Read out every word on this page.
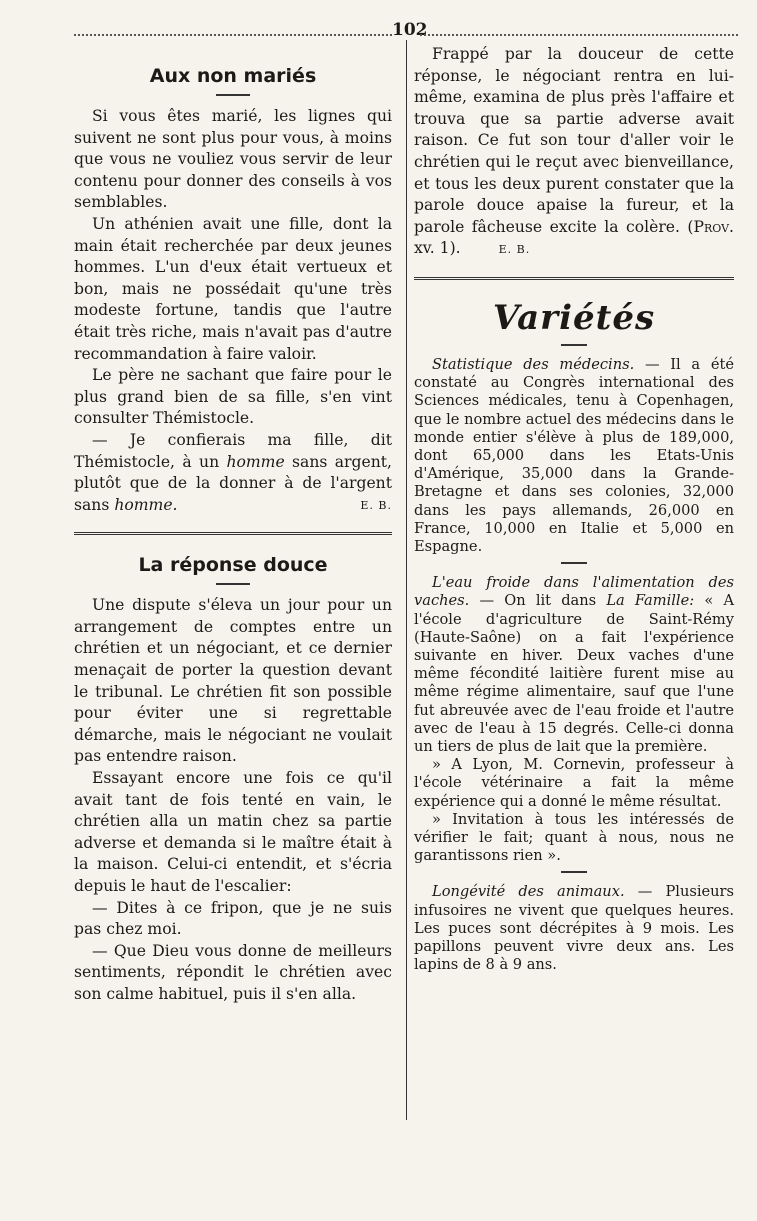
102
Aux non mariés

Si vous êtes marié, les lignes qui suivent ne sont plus pour vous, à moins que vous ne vouliez vous servir de leur contenu pour donner des conseils à vos semblables.

Un athénien avait une fille, dont la main était recherchée par deux jeunes hommes. L'un d'eux était vertueux et bon, mais ne possédait qu'une très modeste fortune, tandis que l'autre était très riche, mais n'avait pas d'autre recommandation à faire valoir.

Le père ne sachant que faire pour le plus grand bien de sa fille, s'en vint consulter Thémistocle.

— Je confierais ma fille, dit Thémistocle, à un homme sans argent, plutôt que de la donner à de l'argent sans homme.	E. B.

La réponse douce

Une dispute s'éleva un jour pour un arrangement de comptes entre un chrétien et un négociant, et ce dernier menaçait de porter la question devant le tribunal. Le chrétien fit son possible pour éviter une si regrettable démarche, mais le négociant ne voulait pas entendre raison.

Essayant encore une fois ce qu'il avait tant de fois tenté en vain, le chrétien alla un matin chez sa partie adverse et demanda si le maître était à la maison. Celui-ci entendit, et s'écria depuis le haut de l'escalier:

— Dites à ce fripon, que je ne suis pas chez moi.

— Que Dieu vous donne de meilleurs sentiments, répondit le chrétien avec son calme habituel, puis il s'en alla.

Frappé par la douceur de cette réponse, le négociant rentra en lui-même, examina de plus près l'affaire et trouva que sa partie adverse avait raison. Ce fut son tour d'aller voir le chrétien qui le reçut avec bienveillance, et tous les deux purent constater que la parole douce apaise la fureur, et la parole fâcheuse excite la colère. (Prov. xv. 1).	E. B.

Variétés

Statistique des médecins. — Il a été constaté au Congrès international des Sciences médicales, tenu à Copenhagen, que le nombre actuel des médecins dans le monde entier s'élève à plus de 189,000, dont 65,000 dans les Etats-Unis d'Amérique, 35,000 dans la Grande-Bretagne et dans ses colonies, 32,000 dans les pays allemands, 26,000 en France, 10,000 en Italie et 5,000 en Espagne.

L'eau froide dans l'alimentation des vaches. — On lit dans La Famille: « A l'école d'agriculture de Saint-Rémy (Haute-Saône) on a fait l'expérience suivante en hiver. Deux vaches d'une même fécondité laitière furent mise au même régime alimentaire, sauf que l'une fut abreuvée avec de l'eau froide et l'autre avec de l'eau à 15 degrés. Celle-ci donna un tiers de plus de lait que la première.

» A Lyon, M. Cornevin, professeur à l'école vétérinaire a fait la même expérience qui a donné le même résultat.

» Invitation à tous les intéressés de vérifier le fait; quant à nous, nous ne garantissons rien ».

Longévité des animaux. — Plusieurs infusoires ne vivent que quelques heures. Les puces sont décrépites à 9 mois. Les papillons peuvent vivre deux ans. Les lapins de 8 à 9 ans.
